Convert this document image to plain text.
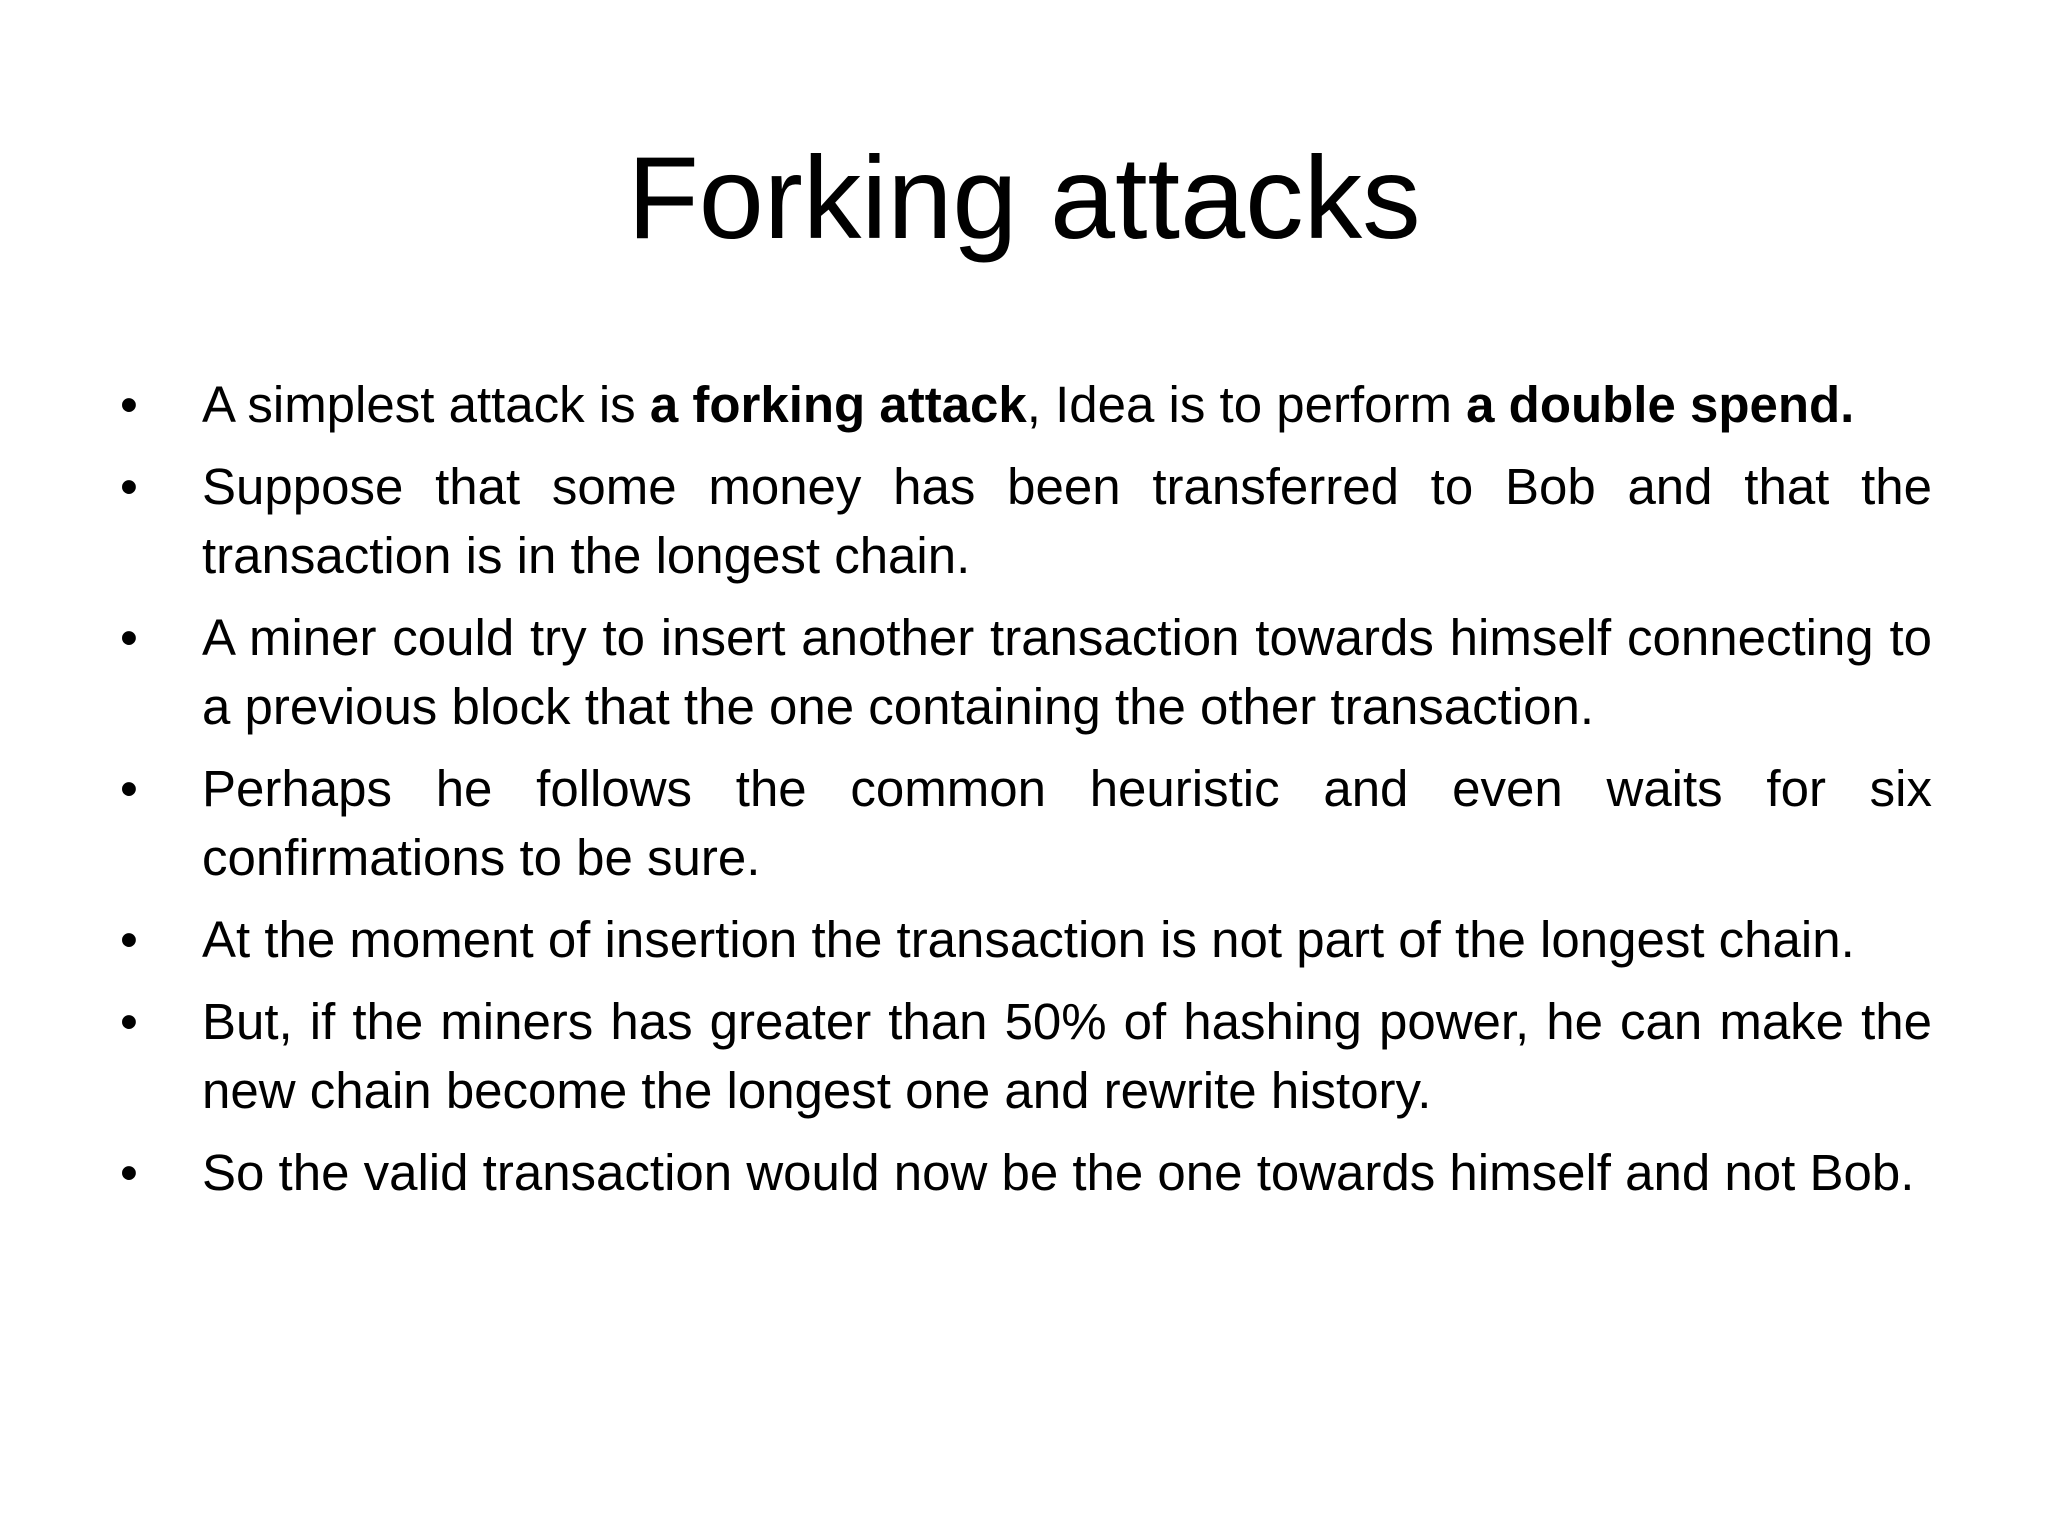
Forking attacks
•	A simplest attack is a forking attack, Idea is to perform a double spend.
•	Suppose that some money has been transferred to Bob and that the transaction is in the longest chain.
•	A miner could try to insert another transaction towards himself connecting to a previous block that the one containing the other transaction.
•	Perhaps he follows the common heuristic and even waits for six confirmations to be sure.
•	At the moment of insertion the transaction is not part of the longest chain.
•	But, if the miners has greater than 50% of hashing power, he can make the new chain become the longest one and rewrite history.
•	So the valid transaction would now be the one towards himself and not Bob.
